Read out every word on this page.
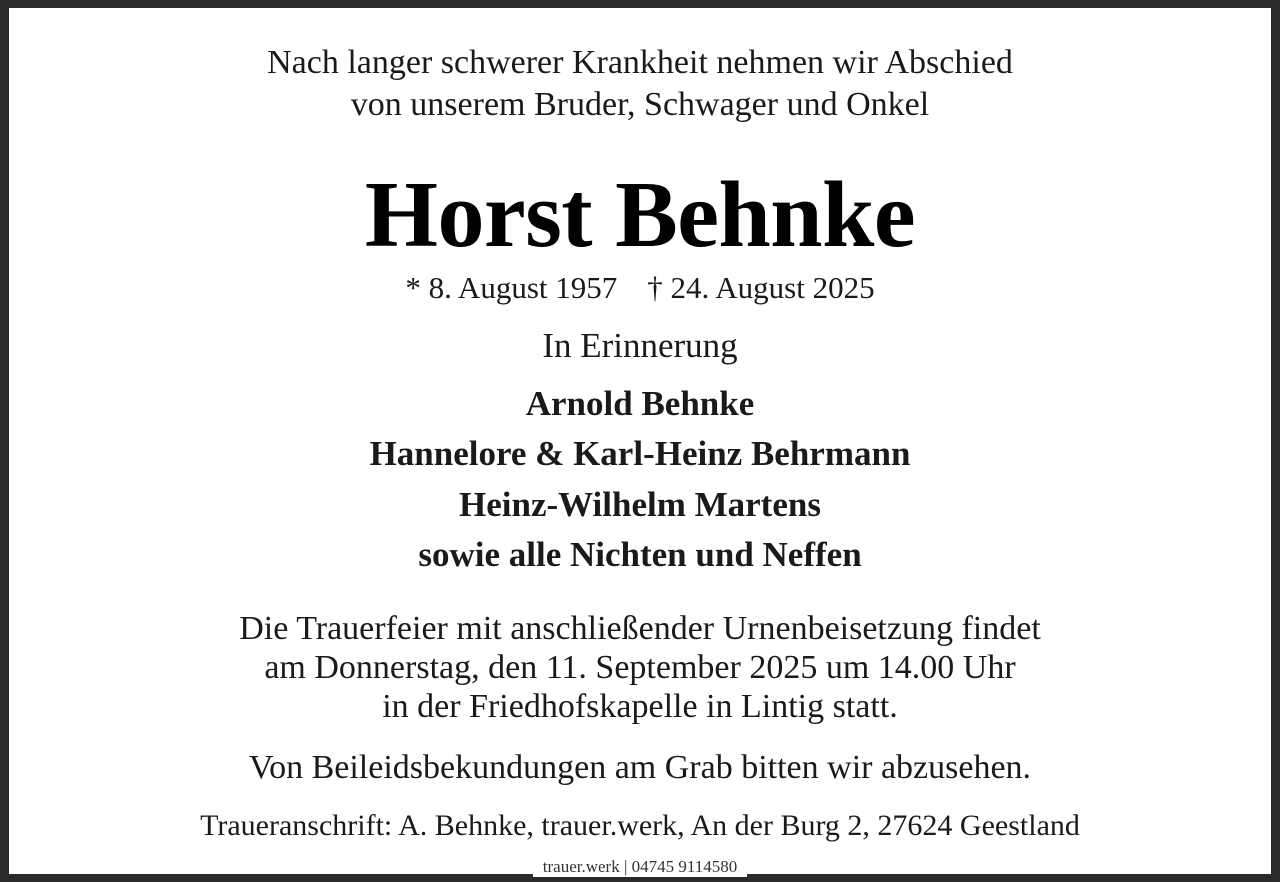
Nach langer schwerer Krankheit nehmen wir Abschied
von unserem Bruder, Schwager und Onkel
Horst Behnke
* 8. August 1957 † 24. August 2025
In Erinnerung
Arnold Behnke
Hannelore & Karl-Heinz Behrmann
Heinz-Wilhelm Martens
sowie alle Nichten und Neffen
Die Trauerfeier mit anschließender Urnenbeisetzung findet
am Donnerstag, den 11. September 2025 um 14.00 Uhr
in der Friedhofskapelle in Lintig statt.
Von Beileidsbekundungen am Grab bitten wir abzusehen.
Traueranschrift: A. Behnke, trauer.werk, An der Burg 2, 27624 Geestland
trauer.werk | 04745 9114580
